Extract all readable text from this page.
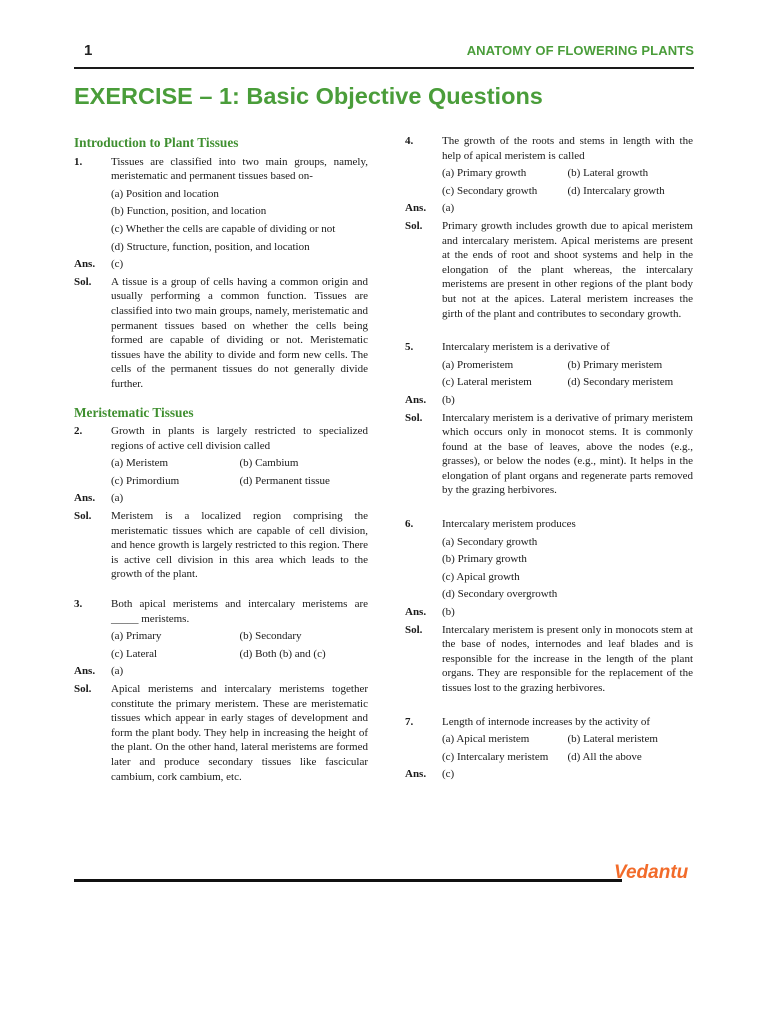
1	ANATOMY OF FLOWERING PLANTS
EXERCISE – 1: Basic Objective Questions
Introduction to Plant Tissues
1.	Tissues are classified into two main groups, namely, meristematic and permanent tissues based on-
(a) Position and location
(b) Function, position, and location
(c) Whether the cells are capable of dividing or not
(d) Structure, function, position, and location
Ans.	(c)
Sol.	A tissue is a group of cells having a common origin and usually performing a common function. Tissues are classified into two main groups, namely, meristematic and permanent tissues based on whether the cells being formed are capable of dividing or not. Meristematic tissues have the ability to divide and form new cells. The cells of the permanent tissues do not generally divide further.
Meristematic Tissues
2.	Growth in plants is largely restricted to specialized regions of active cell division called
(a) Meristem	(b) Cambium
(c) Primordium	(d) Permanent tissue
Ans.	(a)
Sol.	Meristem is a localized region comprising the meristematic tissues which are capable of cell division, and hence growth is largely restricted to this region. There is active cell division in this area which leads to the growth of the plant.
3.	Both apical meristems and intercalary meristems are _____ meristems.
(a) Primary	(b) Secondary
(c) Lateral	(d) Both (b) and (c)
Ans.	(a)
Sol.	Apical meristems and intercalary meristems together constitute the primary meristem. These are meristematic tissues which appear in early stages of development and form the plant body. They help in increasing the height of the plant. On the other hand, lateral meristems are formed later and produce secondary tissues like fascicular cambium, cork cambium, etc.
4.	The growth of the roots and stems in length with the help of apical meristem is called
(a) Primary growth	(b) Lateral growth
(c) Secondary growth	(d) Intercalary growth
Ans.	(a)
Sol.	Primary growth includes growth due to apical meristem and intercalary meristem. Apical meristems are present at the ends of root and shoot systems and help in the elongation of the plant whereas, the intercalary meristems are present in other regions of the plant body but not at the apices. Lateral meristem increases the girth of the plant and contributes to secondary growth.
5.	Intercalary meristem is a derivative of
(a) Promeristem	(b) Primary meristem
(c) Lateral meristem	(d) Secondary meristem
Ans.	(b)
Sol.	Intercalary meristem is a derivative of primary meristem which occurs only in monocot stems. It is commonly found at the base of leaves, above the nodes (e.g., grasses), or below the nodes (e.g., mint). It helps in the elongation of plant organs and regenerate parts removed by the grazing herbivores.
6.	Intercalary meristem produces
(a) Secondary growth
(b) Primary growth
(c) Apical growth
(d) Secondary overgrowth
Ans.	(b)
Sol.	Intercalary meristem is present only in monocots stem at the base of nodes, internodes and leaf blades and is responsible for the increase in the length of the plant organs. They are responsible for the replacement of the tissues lost to the grazing herbivores.
7.	Length of internode increases by the activity of
(a) Apical meristem	(b) Lateral meristem
(c) Intercalary meristem	(d) All the above
Ans.	(c)
Vedantu
